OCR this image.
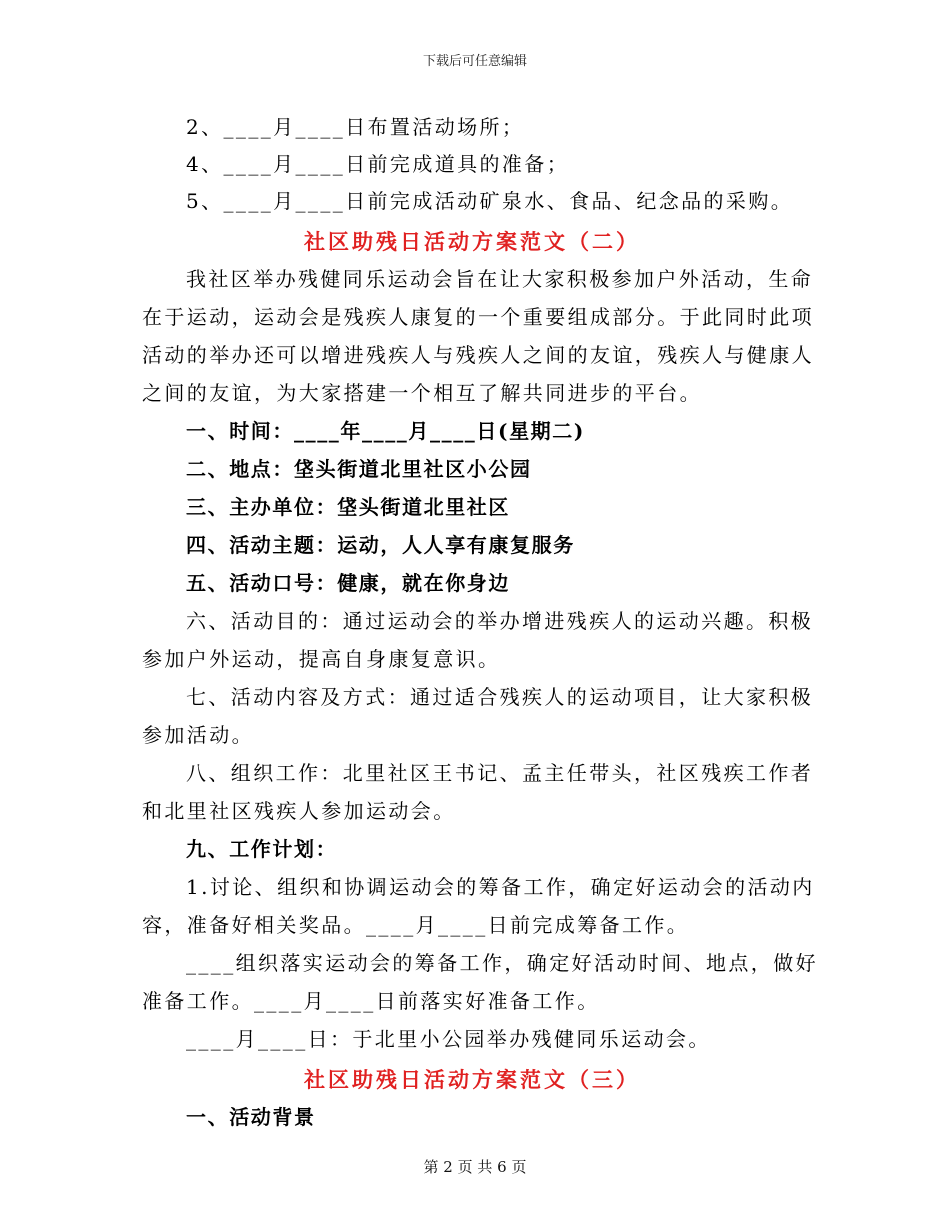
下载后可任意编辑
2、____月____日布置活动场所；
4、____月____日前完成道具的准备；
5、____月____日前完成活动矿泉水、食品、纪念品的采购。
社区助残日活动方案范文（二）
我社区举办残健同乐运动会旨在让大家积极参加户外活动，生命
在于运动，运动会是残疾人康复的一个重要组成部分。于此同时此项
活动的举办还可以增进残疾人与残疾人之间的友谊，残疾人与健康人
之间的友谊，为大家搭建一个相互了解共同进步的平台。
一、时间：____年____月____日(星期二)
二、地点：垡头街道北里社区小公园
三、主办单位：垡头街道北里社区
四、活动主题：运动，人人享有康复服务
五、活动口号：健康，就在你身边
六、活动目的：通过运动会的举办增进残疾人的运动兴趣。积极
参加户外运动，提高自身康复意识。
七、活动内容及方式：通过适合残疾人的运动项目，让大家积极
参加活动。
八、组织工作：北里社区王书记、孟主任带头，社区残疾工作者
和北里社区残疾人参加运动会。
九、工作计划：
1.讨论、组织和协调运动会的筹备工作，确定好运动会的活动内
容，准备好相关奖品。____月____日前完成筹备工作。
____组织落实运动会的筹备工作，确定好活动时间、地点，做好
准备工作。____月____日前落实好准备工作。
____月____日：于北里小公园举办残健同乐运动会。
社区助残日活动方案范文（三）
一、活动背景
第 2 页 共 6 页
